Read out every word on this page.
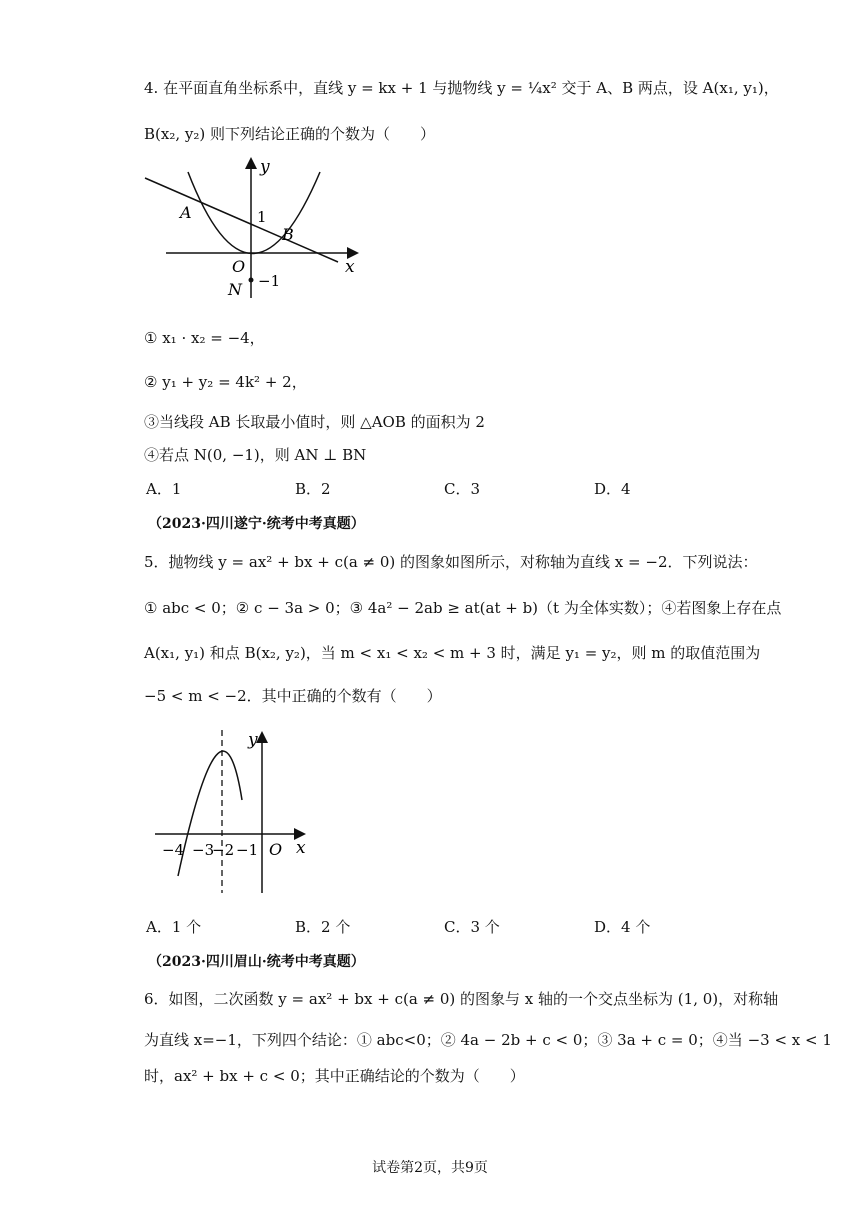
4. 在平面直角坐标系中，直线 y = kx + 1 与抛物线 y = ¼x² 交于 A、B 两点，设 A(x₁, y₁)，
B(x₂, y₂) 则下列结论正确的个数为（　　）
y
x
A
B
1
O
−1
N
① x₁ · x₂ = −4，
② y₁ + y₂ = 4k² + 2，
③当线段 AB 长取最小值时，则 △AOB 的面积为 2
④若点 N(0, −1)，则 AN ⊥ BN
A．1	B．2	C．3	D．4
（2023·四川遂宁·统考中考真题）
5．抛物线 y = ax² + bx + c(a ≠ 0) 的图象如图所示，对称轴为直线 x = −2．下列说法：
① abc < 0；② c − 3a > 0；③ 4a² − 2ab ≥ at(at + b)（t 为全体实数）；④若图象上存在点
A(x₁, y₁) 和点 B(x₂, y₂)，当 m < x₁ < x₂ < m + 3 时，满足 y₁ = y₂，则 m 的取值范围为
−5 < m < −2．其中正确的个数有（　　）
y
x
−4 −3
−2 −1 O
A．1 个	B．2 个	C．3 个	D．4 个
（2023·四川眉山·统考中考真题）
6．如图，二次函数 y = ax² + bx + c(a ≠ 0) 的图象与 x 轴的一个交点坐标为 (1, 0)，对称轴
为直线 x=−1，下列四个结论：① abc<0；② 4a − 2b + c < 0；③ 3a + c = 0；④当 −3 < x < 1
时，ax² + bx + c < 0；其中正确结论的个数为（　　）
试卷第2页，共9页
